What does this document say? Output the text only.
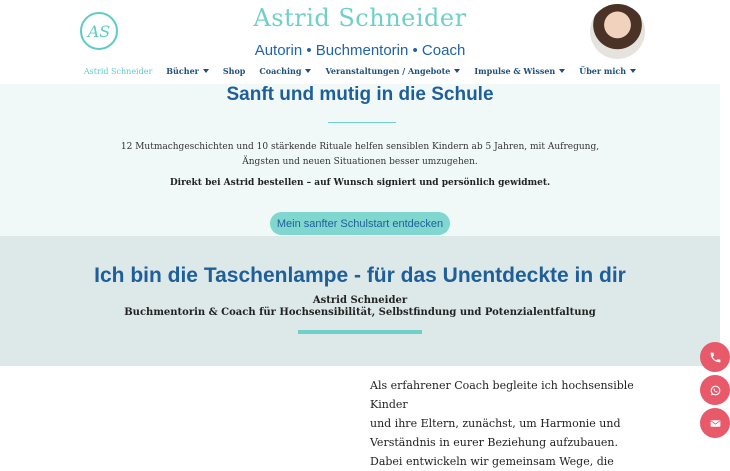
AS	Astrid Schneider
Autorin • Buchmentorin • Coach
Astrid Schneider Bücher	Shop Coaching	Veranstaltungen / Angebote	Impulse & Wissen	Über mich
Sanft und mutig in die Schule

12 Mutmachgeschichten und 10 stärkende Rituale helfen sensiblen Kindern ab 5 Jahren, mit Aufregung, Ängsten und neuen Situationen besser umzugehen.

Direkt bei Astrid bestellen – auf Wunsch signiert und persönlich gewidmet.

Mein sanfter Schulstart entdecken
Ich bin die Taschenlampe - für das Unentdeckte in dir
Astrid Schneider
Buchmentorin & Coach für Hochsensibilität, Selbstfindung und Potenzialentfaltung

Als erfahrener Coach begleite ich hochsensible Kinder

und ihre Eltern, zunächst, um Harmonie und

Verständnis in eurer Beziehung aufzubauen.

Dabei entwickeln wir gemeinsam Wege, die
